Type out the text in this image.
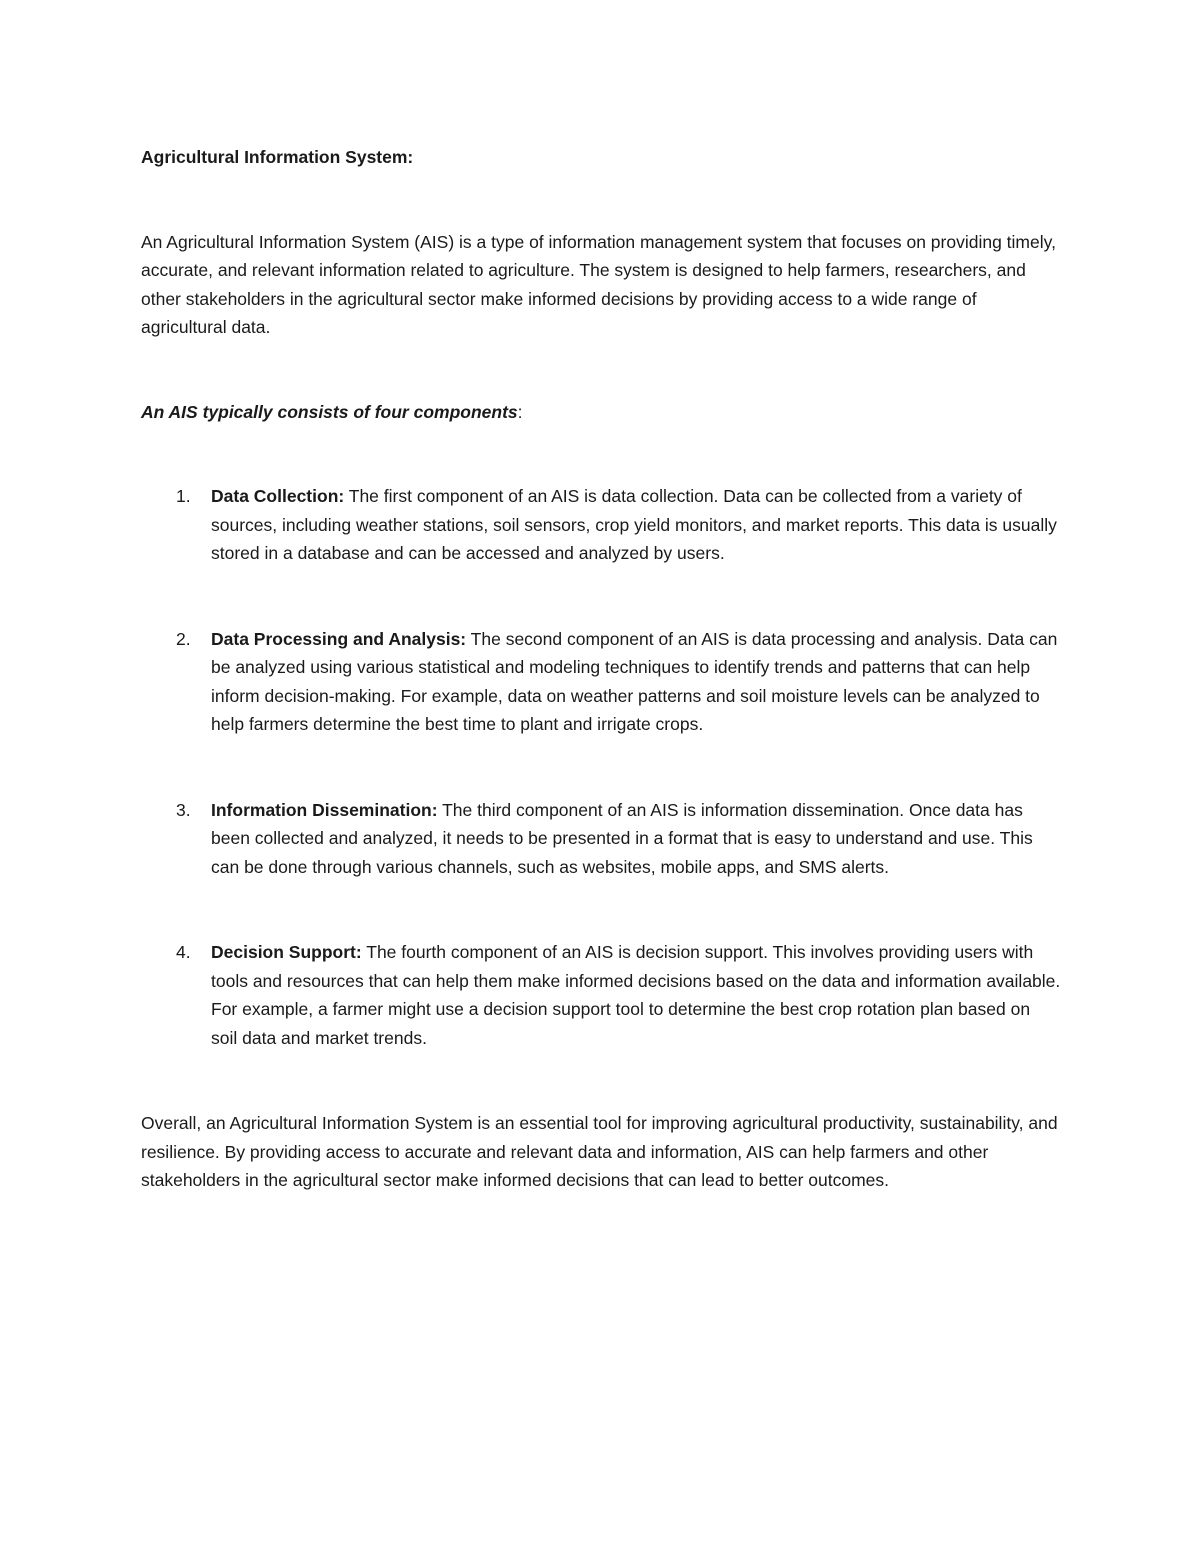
Agricultural Information System:

An Agricultural Information System (AIS) is a type of information management system that focuses on providing timely, accurate, and relevant information related to agriculture. The system is designed to help farmers, researchers, and other stakeholders in the agricultural sector make informed decisions by providing access to a wide range of agricultural data.

An AIS typically consists of four components:

1. Data Collection: The first component of an AIS is data collection. Data can be collected from a variety of sources, including weather stations, soil sensors, crop yield monitors, and market reports. This data is usually stored in a database and can be accessed and analyzed by users.
2. Data Processing and Analysis: The second component of an AIS is data processing and analysis. Data can be analyzed using various statistical and modeling techniques to identify trends and patterns that can help inform decision-making. For example, data on weather patterns and soil moisture levels can be analyzed to help farmers determine the best time to plant and irrigate crops.
3. Information Dissemination: The third component of an AIS is information dissemination. Once data has been collected and analyzed, it needs to be presented in a format that is easy to understand and use. This can be done through various channels, such as websites, mobile apps, and SMS alerts.
4. Decision Support: The fourth component of an AIS is decision support. This involves providing users with tools and resources that can help them make informed decisions based on the data and information available. For example, a farmer might use a decision support tool to determine the best crop rotation plan based on soil data and market trends.

Overall, an Agricultural Information System is an essential tool for improving agricultural productivity, sustainability, and resilience. By providing access to accurate and relevant data and information, AIS can help farmers and other stakeholders in the agricultural sector make informed decisions that can lead to better outcomes.
